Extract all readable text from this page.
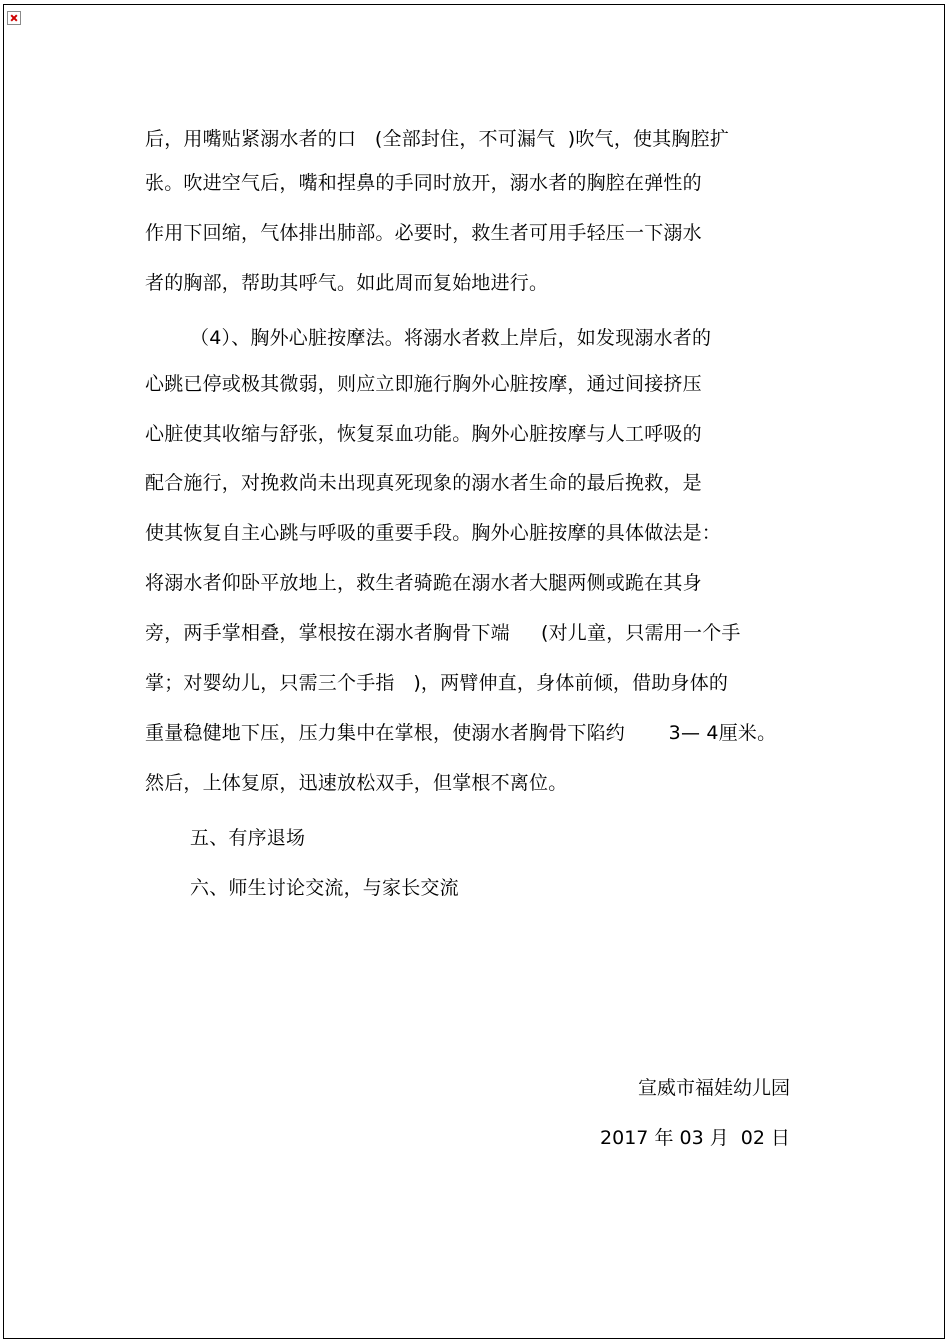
后，用嘴贴紧溺水者的口   (全部封住，不可漏气  )吹气，使其胸腔扩
张。吹进空气后，嘴和捏鼻的手同时放开，溺水者的胸腔在弹性的
作用下回缩，气体排出肺部。必要时，救生者可用手轻压一下溺水
者的胸部，帮助其呼气。如此周而复始地进行。
（4）、胸外心脏按摩法。将溺水者救上岸后，如发现溺水者的
心跳已停或极其微弱，则应立即施行胸外心脏按摩，通过间接挤压
心脏使其收缩与舒张，恢复泵血功能。胸外心脏按摩与人工呼吸的
配合施行，对挽救尚未出现真死现象的溺水者生命的最后挽救，是
使其恢复自主心跳与呼吸的重要手段。胸外心脏按摩的具体做法是：
将溺水者仰卧平放地上，救生者骑跪在溺水者大腿两侧或跪在其身
旁，两手掌相叠，掌根按在溺水者胸骨下端     (对儿童，只需用一个手
掌；对婴幼儿，只需三个手指   )，两臂伸直，身体前倾，借助身体的
重量稳健地下压，压力集中在掌根，使溺水者胸骨下陷约       3— 4厘米。
然后，上体复原，迅速放松双手，但掌根不离位。
五、有序退场
六、师生讨论交流，与家长交流
宣威市福娃幼儿园
2017 年 03 月  02 日
